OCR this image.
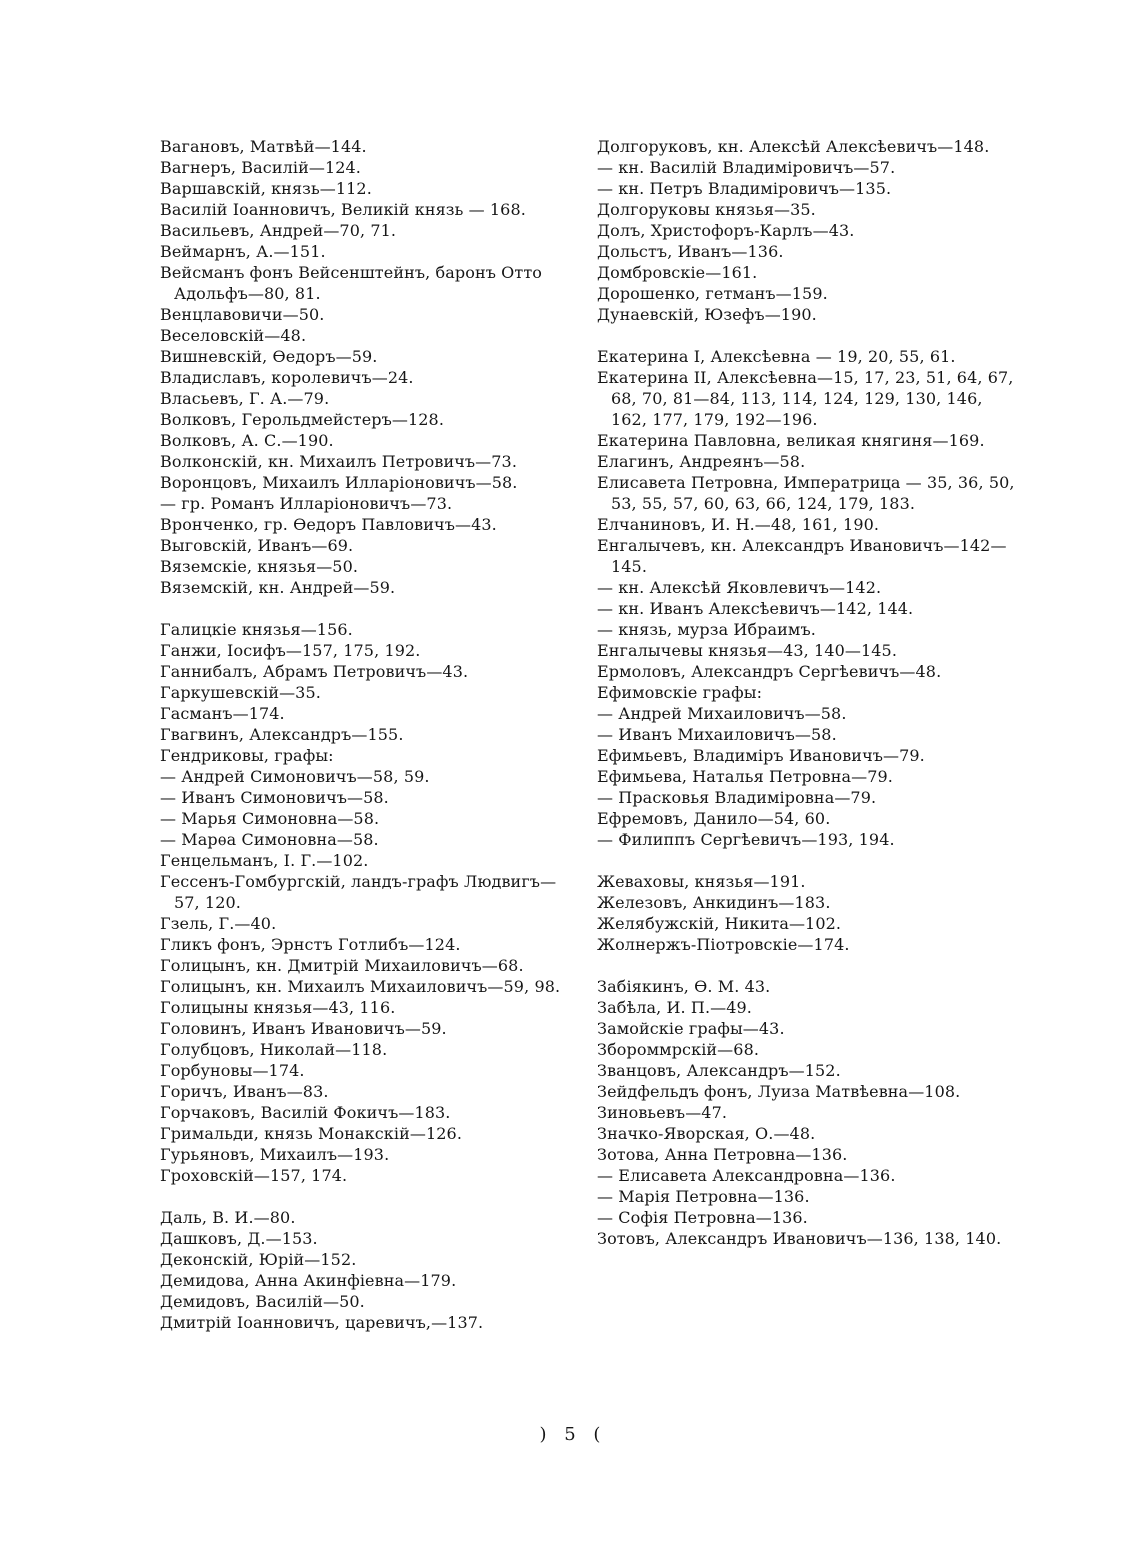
Вагановъ, Матвѣй—144.

Вагнеръ, Василій—124.

Варшавскій, князь—112.

Василій Іоанновичъ, Великій князь — 168.

Васильевъ, Андрей—70, 71.

Веймарнъ, А.—151.

Вейсманъ фонъ Вейсенштейнъ, баронъ Отто Адольфъ—80, 81.

Венцлавовичи—50.

Веселовскій—48.

Вишневскій, Ѳедоръ—59.

Владиславъ, королевичъ—24.

Власьевъ, Г. А.—79.

Волковъ, Герольдмейстеръ—128.

Волковъ, А. С.—190.

Волконскій, кн. Михаилъ Петровичъ—73.

Воронцовъ, Михаилъ Илларіоновичъ—58.

— гр. Романъ Илларіоновичъ—73.

Вронченко, гр. Ѳедоръ Павловичъ—43.

Выговскій, Иванъ—69.

Вяземскіе, князья—50.

Вяземскій, кн. Андрей—59.

Галицкіе князья—156.

Ганжи, Іосифъ—157, 175, 192.

Ганнибалъ, Абрамъ Петровичъ—43.

Гаркушевскій—35.

Гасманъ—174.

Гвагвинъ, Александръ—155.

Гендриковы, графы:

— Андрей Симоновичъ—58, 59.

— Иванъ Симоновичъ—58.

— Марья Симоновна—58.

— Марѳа Симоновна—58.

Генцельманъ, І. Г.—102.

Гессенъ-Гомбургскій, ландъ-графъ Людвигъ—57, 120.

Гзель, Г.—40.

Гликъ фонъ, Эрнстъ Готлибъ—124.

Голицынъ, кн. Дмитрій Михаиловичъ—68.

Голицынъ, кн. Михаилъ Михаиловичъ—59, 98.

Голицыны князья—43, 116.

Головинъ, Иванъ Ивановичъ—59.

Голубцовъ, Николай—118.

Горбуновы—174.

Горичъ, Иванъ—83.

Горчаковъ, Василій Фокичъ—183.

Гримальди, князь Монакскій—126.

Гурьяновъ, Михаилъ—193.

Гроховскій—157, 174.

Даль, В. И.—80.

Дашковъ, Д.—153.

Деконскій, Юрій—152.

Демидова, Анна Акинфіевна—179.

Демидовъ, Василій—50.

Дмитрій Іоанновичъ, царевичъ,—137.

Долгоруковъ, кн. Алексѣй Алексѣевичъ—148.

— кн. Василій Владиміровичъ—57.

— кн. Петръ Владиміровичъ—135.

Долгоруковы князья—35.

Долъ, Христофоръ-Карлъ—43.

Дольстъ, Иванъ—136.

Домбровскіе—161.

Дорошенко, гетманъ—159.

Дунаевскій, Юзефъ—190.

Екатерина I, Алексѣевна — 19, 20, 55, 61.

Екатерина II, Алексѣевна—15, 17, 23, 51, 64, 67, 68, 70, 81—84, 113, 114, 124, 129, 130, 146, 162, 177, 179, 192—196.

Екатерина Павловна, великая княгиня—169.

Елагинъ, Андреянъ—58.

Елисавета Петровна, Императрица — 35, 36, 50, 53, 55, 57, 60, 63, 66, 124, 179, 183.

Елчаниновъ, И. Н.—48, 161, 190.

Енгалычевъ, кн. Александръ Ивановичъ—142—145.

— кн. Алексѣй Яковлевичъ—142.

— кн. Иванъ Алексѣевичъ—142, 144.

— князь, мурза Ибраимъ.

Енгалычевы князья—43, 140—145.

Ермоловъ, Александръ Сергѣевичъ—48.

Ефимовскіе графы:

— Андрей Михаиловичъ—58.

— Иванъ Михаиловичъ—58.

Ефимьевъ, Владиміръ Ивановичъ—79.

Ефимьева, Наталья Петровна—79.

— Прасковья Владиміровна—79.

Ефремовъ, Данило—54, 60.

— Филиппъ Сергѣевичъ—193, 194.

Жеваховы, князья—191.

Железовъ, Анкидинъ—183.

Желябужскій, Никита—102.

Жолнержъ-Піотровскіе—174.

Забіякинъ, Ѳ. М. 43.

Забѣла, И. П.—49.

Замойскіе графы—43.

Збороммрскій—68.

Званцовъ, Александръ—152.

Зейдфельдъ фонъ, Луиза Матвѣевна—108.

Зиновьевъ—47.

Значко-Яворская, О.—48.

Зотова, Анна Петровна—136.

— Елисавета Александровна—136.

— Марія Петровна—136.

— Софія Петровна—136.

Зотовъ, Александръ Ивановичъ—136, 138, 140.

) 5 (
